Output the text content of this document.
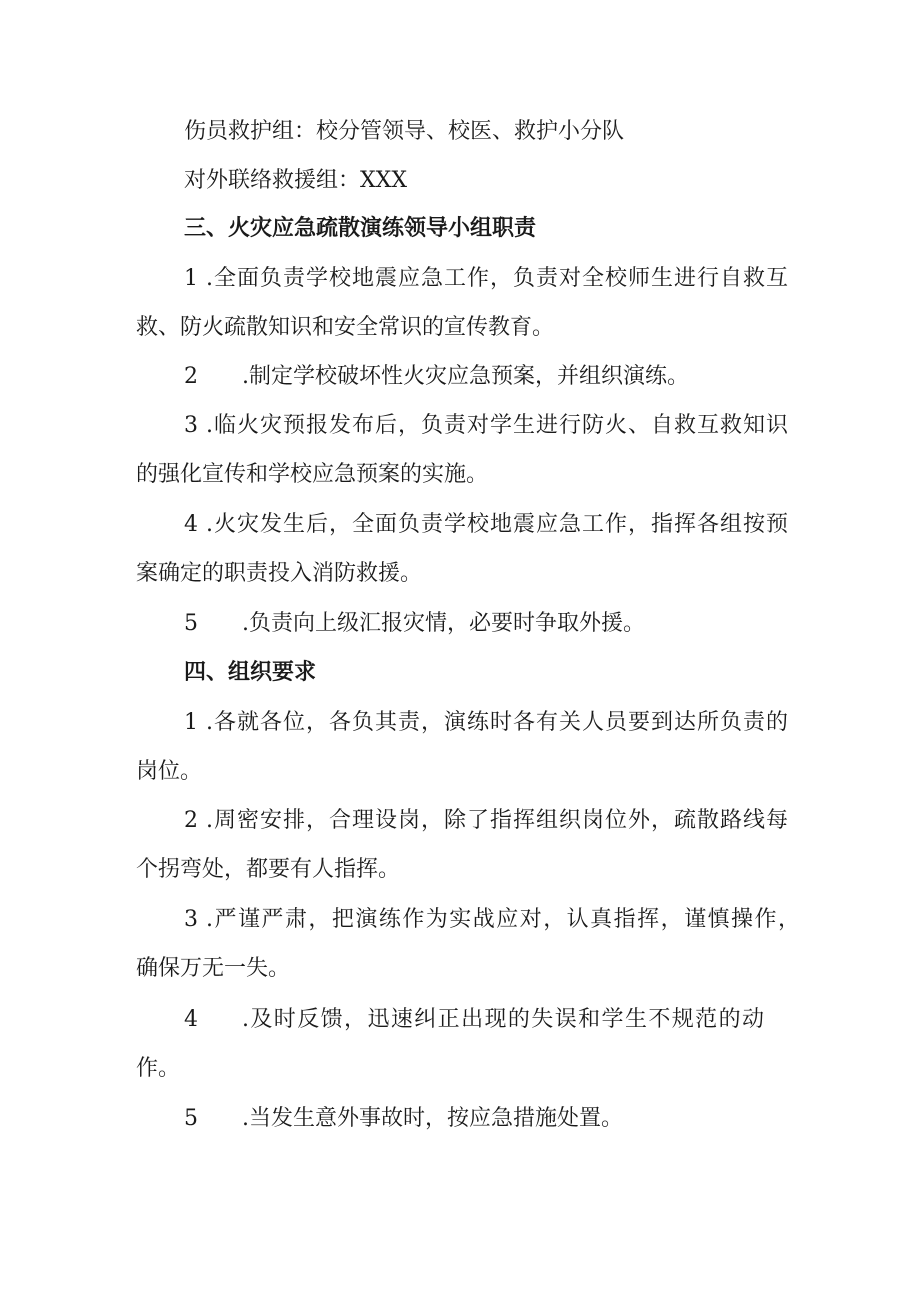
伤员救护组：校分管领导、校医、救护小分队

对外联络救援组：XXX

三、火灾应急疏散演练领导小组职责
1 .全面负责学校地震应急工作，负责对全校师生进行自救互
救、防火疏散知识和安全常识的宣传教育。
2 .制定学校破坏性火灾应急预案，并组织演练。
3 .临火灾预报发布后，负责对学生进行防火、自救互救知识
的强化宣传和学校应急预案的实施。
4 .火灾发生后，全面负责学校地震应急工作，指挥各组按预
案确定的职责投入消防救援。
5 .负责向上级汇报灾情，必要时争取外援。
四、组织要求
1 .各就各位，各负其责，演练时各有关人员要到达所负责的
岗位。
2 .周密安排，合理设岗，除了指挥组织岗位外，疏散路线每
个拐弯处，都要有人指挥。
3 .严谨严肃，把演练作为实战应对，认真指挥，谨慎操作，
确保万无一失。
4 .及时反馈，迅速纠正出现的失误和学生不规范的动
作。
5 .当发生意外事故时，按应急措施处置。
